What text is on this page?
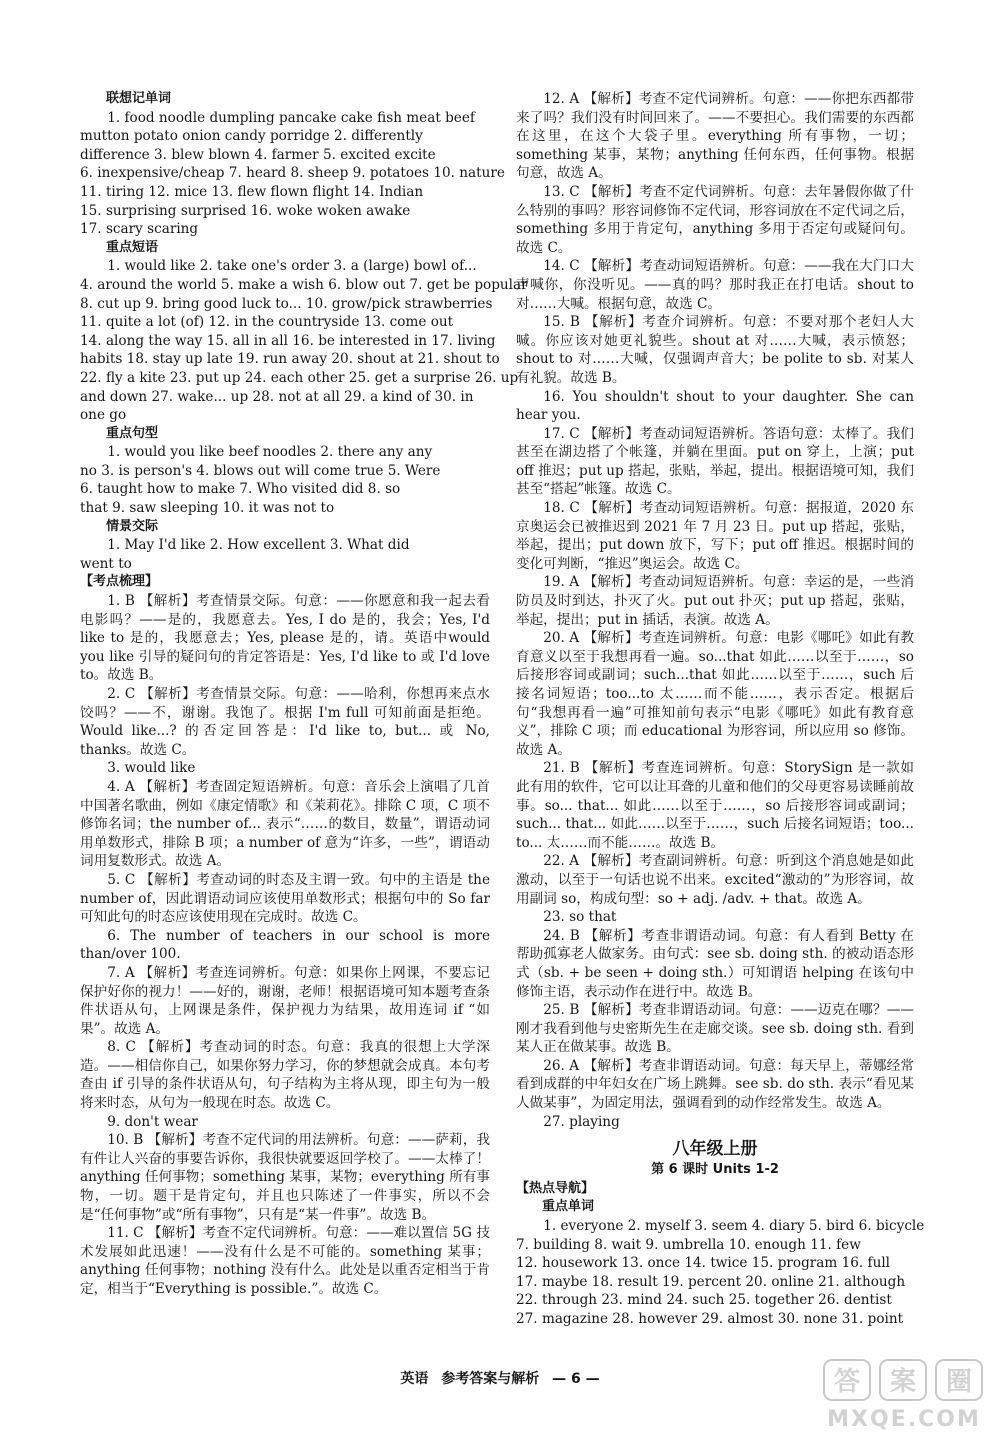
联想记单词

1. food noodle dumpling pancake cake fish meat beef

mutton potato onion candy porridge 2. differently

difference 3. blew blown 4. farmer 5. excited excite

6. inexpensive/cheap 7. heard 8. sheep 9. potatoes 10. nature

11. tiring 12. mice 13. flew flown flight 14. Indian

15. surprising surprised 16. woke woken awake

17. scary scaring

重点短语

1. would like 2. take one's order 3. a (large) bowl of...

4. around the world 5. make a wish 6. blow out 7. get be popular

8. cut up 9. bring good luck to... 10. grow/pick strawberries

11. quite a lot (of) 12. in the countryside 13. come out

14. along the way 15. all in all 16. be interested in 17. living

habits 18. stay up late 19. run away 20. shout at 21. shout to

22. fly a kite 23. put up 24. each other 25. get a surprise 26. up

and down 27. wake... up 28. not at all 29. a kind of 30. in

one go

重点句型

1. would you like beef noodles 2. there any any

no 3. is person's 4. blows out will come true 5. Were

6. taught how to make 7. Who visited did 8. so

that 9. saw sleeping 10. it was not to

情景交际

1. May I'd like 2. How excellent 3. What did

went to

【考点梳理】

1. B 【解析】考查情景交际。句意：——你愿意和我一起去看电影吗？——是的，我愿意去。Yes, I do 是的，我会；Yes, I'd like to 是的，我愿意去；Yes, please 是的，请。英语中would you like 引导的疑问句的肯定答语是：Yes, I'd like to 或 I'd love to。故选 B。

2. C 【解析】考查情景交际。句意：——哈利，你想再来点水饺吗？——不，谢谢。我饱了。根据 I'm full 可知前面是拒绝。Would like...? 的否定回答是：I'd like to, but... 或 No, thanks。故选 C。

3. would like

4. A 【解析】考查固定短语辨析。句意：音乐会上演唱了几首中国著名歌曲，例如《康定情歌》和《茉莉花》。排除 C 项，C 项不修饰名词；the number of... 表示“……的数目，数量”，谓语动词用单数形式，排除 B 项；a number of 意为“许多，一些”，谓语动词用复数形式。故选 A。

5. C 【解析】考查动词的时态及主谓一致。句中的主语是 the number of，因此谓语动词应该使用单数形式；根据句中的 So far 可知此句的时态应该使用现在完成时。故选 C。

6. The number of teachers in our school is more than/over 100.

7. A 【解析】考查连词辨析。句意：如果你上网课，不要忘记保护好你的视力！——好的，谢谢，老师！根据语境可知本题考查条件状语从句，上网课是条件，保护视力为结果，故用连词 if “如果”。故选 A。

8. C 【解析】考查动词的时态。句意：我真的很想上大学深造。——相信你自己，如果你努力学习，你的梦想就会成真。本句考查由 if 引导的条件状语从句，句子结构为主将从现，即主句为一般将来时态，从句为一般现在时态。故选 C。

9. don't wear

10. B 【解析】考查不定代词的用法辨析。句意：——萨莉，我有件让人兴奋的事要告诉你，我很快就要返回学校了。——太棒了！anything 任何事物；something 某事，某物；everything 所有事物，一切。题干是肯定句，并且也只陈述了一件事实，所以不会是“任何事物”或“所有事物”，只有是“某一件事”。故选 B。

11. C 【解析】考查不定代词辨析。句意：——难以置信 5G 技术发展如此迅速！——没有什么是不可能的。something 某事；anything 任何事物；nothing 没有什么。此处是以重否定相当于肯定，相当于“Everything is possible.”。故选 C。

12. A 【解析】考查不定代词辨析。句意：——你把东西都带来了吗？我们没有时间回来了。——不要担心。我们需要的东西都在这里，在这个大袋子里。everything 所有事物，一切；something 某事，某物；anything 任何东西，任何事物。根据句意，故选 A。

13. C 【解析】考查不定代词辨析。句意：去年暑假你做了什么特别的事吗？形容词修饰不定代词，形容词放在不定代词之后，something 多用于肯定句，anything 多用于否定句或疑问句。故选 C。

14. C 【解析】考查动词短语辨析。句意：——我在大门口大声喊你，你没听见。——真的吗？那时我正在打电话。shout to 对……大喊。根据句意，故选 C。

15. B 【解析】考查介词辨析。句意：不要对那个老妇人大喊。你应该对她更礼貌些。shout at 对……大喊，表示愤怒；shout to 对……大喊，仅强调声音大；be polite to sb. 对某人有礼貌。故选 B。

16. You shouldn't shout to your daughter. She can hear you.

17. C 【解析】考查动词短语辨析。答语句意：太棒了。我们甚至在湖边搭了个帐篷，并躺在里面。put on 穿上，上演；put off 推迟；put up 搭起，张贴，举起，提出。根据语境可知，我们甚至“搭起”帐篷。故选 C。

18. C 【解析】考查动词短语辨析。句意：据报道，2020 东京奥运会已被推迟到 2021 年 7 月 23 日。put up 搭起，张贴，举起，提出；put down 放下，写下；put off 推迟。根据时间的变化可判断，“推迟”奥运会。故选 C。

19. A 【解析】考查动词短语辨析。句意：幸运的是，一些消防员及时到达，扑灭了火。put out 扑灭；put up 搭起，张贴，举起，提出；put in 插话，表演。故选 A。

20. A 【解析】考查连词辨析。句意：电影《哪吒》如此有教育意义以至于我想再看一遍。so...that 如此……以至于……，so 后接形容词或副词；such...that 如此……以至于……，such 后接名词短语；too...to 太……而不能……，表示否定。根据后句“我想再看一遍”可推知前句表示“电影《哪吒》如此有教育意义”，排除 C 项；而 educational 为形容词，所以应用 so 修饰。故选 A。

21. B 【解析】考查连词辨析。句意：StorySign 是一款如此有用的软件，它可以让耳聋的儿童和他们的父母更容易读睡前故事。so... that... 如此……以至于……，so 后接形容词或副词；such... that... 如此……以至于……，such 后接名词短语；too... to... 太……而不能……。故选 B。

22. A 【解析】考查副词辨析。句意：听到这个消息她是如此激动，以至于一句话也说不出来。excited“激动的”为形容词，故用副词 so，构成句型：so + adj. /adv. + that。故选 A。

23. so that

24. B 【解析】考查非谓语动词。句意：有人看到 Betty 在帮助孤寡老人做家务。由句式：see sb. doing sth. 的被动语态形式（sb. + be seen + doing sth.）可知谓语 helping 在该句中修饰主语，表示动作在进行中。故选 B。

25. B 【解析】考查非谓语动词。句意：——迈克在哪？——刚才我看到他与史密斯先生在走廊交谈。see sb. doing sth. 看到某人正在做某事。故选 B。

26. A 【解析】考查非谓语动词。句意：每天早上，蒂娜经常看到成群的中年妇女在广场上跳舞。see sb. do sth. 表示“看见某人做某事”，为固定用法，强调看到的动作经常发生。故选 A。

27. playing

八年级上册

第 6 课时 Units 1-2

【热点导航】

重点单词

1. everyone 2. myself 3. seem 4. diary 5. bird 6. bicycle

7. building 8. wait 9. umbrella 10. enough 11. few

12. housework 13. once 14. twice 15. program 16. full

17. maybe 18. result 19. percent 20. online 21. although

22. through 23. mind 24. such 25. together 26. dentist

27. magazine 28. however 29. almost 30. none 31. point

英语 参考答案与解析 — 6 —	答 案 圈
MXQE.COM
